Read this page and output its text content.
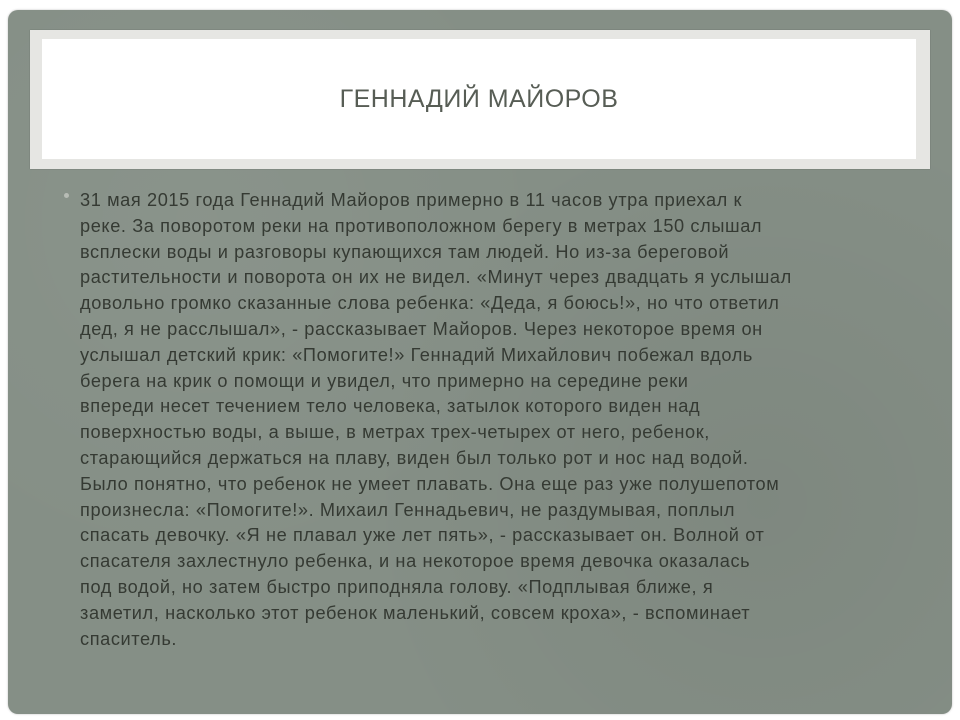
ГЕННАДИЙ МАЙОРОВ

31 мая 2015 года Геннадий Майоров примерно в 11 часов утра приехал к
реке. За поворотом реки на противоположном берегу в метрах 150 слышал
всплески воды и разговоры купающихся там людей. Но из-за береговой
растительности и поворота он их не видел. «Минут через двадцать я услышал
довольно громко сказанные слова ребенка: «Деда, я боюсь!», но что ответил
дед, я не расслышал», - рассказывает Майоров. Через некоторое время он
услышал детский крик: «Помогите!» Геннадий Михайлович побежал вдоль
берега на крик о помощи и увидел, что примерно на середине реки
впереди несет течением тело человека, затылок которого виден над
поверхностью воды, а выше, в метрах трех-четырех от него, ребенок,
старающийся держаться на плаву, виден был только рот и нос над водой.
Было понятно, что ребенок не умеет плавать. Она еще раз уже полушепотом
произнесла: «Помогите!». Михаил Геннадьевич, не раздумывая, поплыл
спасать девочку. «Я не плавал уже лет пять», - рассказывает он. Волной от
спасателя захлестнуло ребенка, и на некоторое время девочка оказалась
под водой, но затем быстро приподняла голову. «Подплывая ближе, я
заметил, насколько этот ребенок маленький, совсем кроха», - вспоминает
спаситель.
